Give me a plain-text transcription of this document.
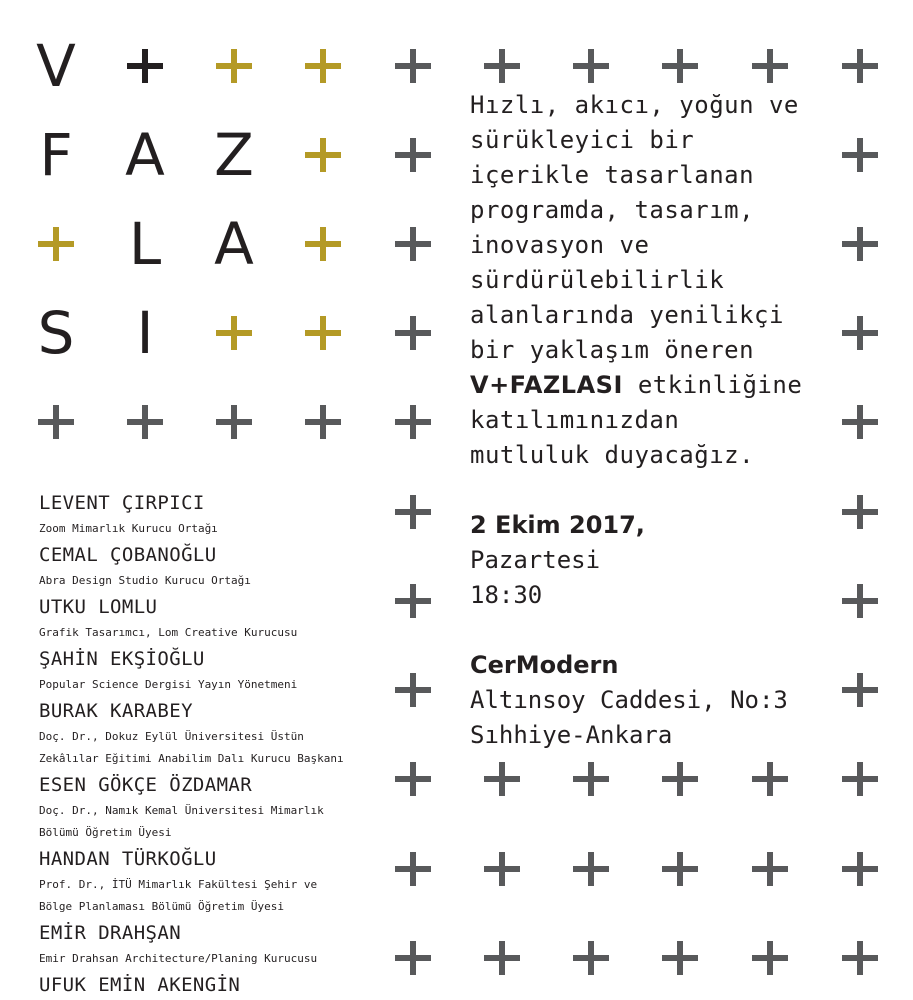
V
F A Z
L A
S I
Hızlı, akıcı, yoğun ve
sürükleyici bir
içerikle tasarlanan
programda, tasarım,
inovasyon ve
sürdürülebilirlik
alanlarında yenilikçi
bir yaklaşım öneren
V+FAZLASI etkinliğine
katılımınızdan
mutluluk duyacağız.
2 Ekim 2017,
Pazartesi
18:30
CerModern
Altınsoy Caddesi, No:3
Sıhhiye-Ankara
LEVENT ÇIRPICI
Zoom Mimarlık Kurucu Ortağı
CEMAL ÇOBANOĞLU
Abra Design Studio Kurucu Ortağı
UTKU LOMLU
Grafik Tasarımcı, Lom Creative Kurucusu
ŞAHİN EKŞİOĞLU
Popular Science Dergisi Yayın Yönetmeni
BURAK KARABEY
Doç. Dr., Dokuz Eylül Üniversitesi Üstün
Zekâlılar Eğitimi Anabilim Dalı Kurucu Başkanı
ESEN GÖKÇE ÖZDAMAR
Doç. Dr., Namık Kemal Üniversitesi Mimarlık
Bölümü Öğretim Üyesi
HANDAN TÜRKOĞLU
Prof. Dr., İTÜ Mimarlık Fakültesi Şehir ve
Bölge Planlaması Bölümü Öğretim Üyesi
EMİR DRAHŞAN
Emir Drahsan Architecture/Planing Kurucusu
UFUK EMİN AKENGİN
